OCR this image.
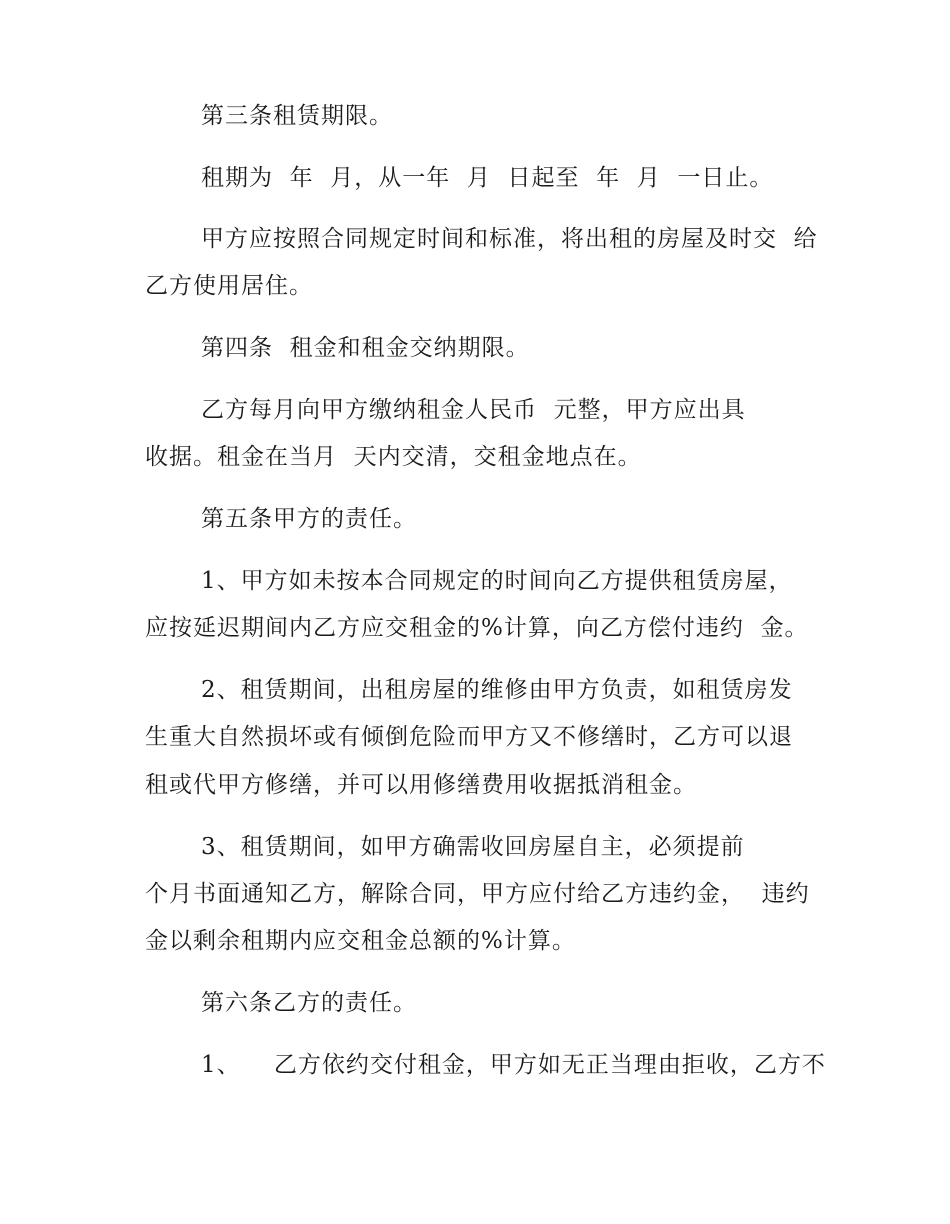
第三条租赁期限。
租期为  年  月，从一年  月  日起至  年  月  一日止。
甲方应按照合同规定时间和标准，将出租的房屋及时交  给
乙方使用居住。
第四条  租金和租金交纳期限。
乙方每月向甲方缴纳租金人民币  元整，甲方应出具
收据。租金在当月  天内交清，交租金地点在。
第五条甲方的责任。
1、甲方如未按本合同规定的时间向乙方提供租赁房屋，
应按延迟期间内乙方应交租金的%计算，向乙方偿付违约  金。
2、租赁期间，出租房屋的维修由甲方负责，如租赁房发
生重大自然损坏或有倾倒危险而甲方又不修缮时，乙方可以退
租或代甲方修缮，并可以用修缮费用收据抵消租金。
3、租赁期间，如甲方确需收回房屋自主，必须提前
个月书面通知乙方，解除合同，甲方应付给乙方违约金，  违约
金以剩余租期内应交租金总额的%计算。
第六条乙方的责任。
1、    乙方依约交付租金，甲方如无正当理由拒收，乙方不
